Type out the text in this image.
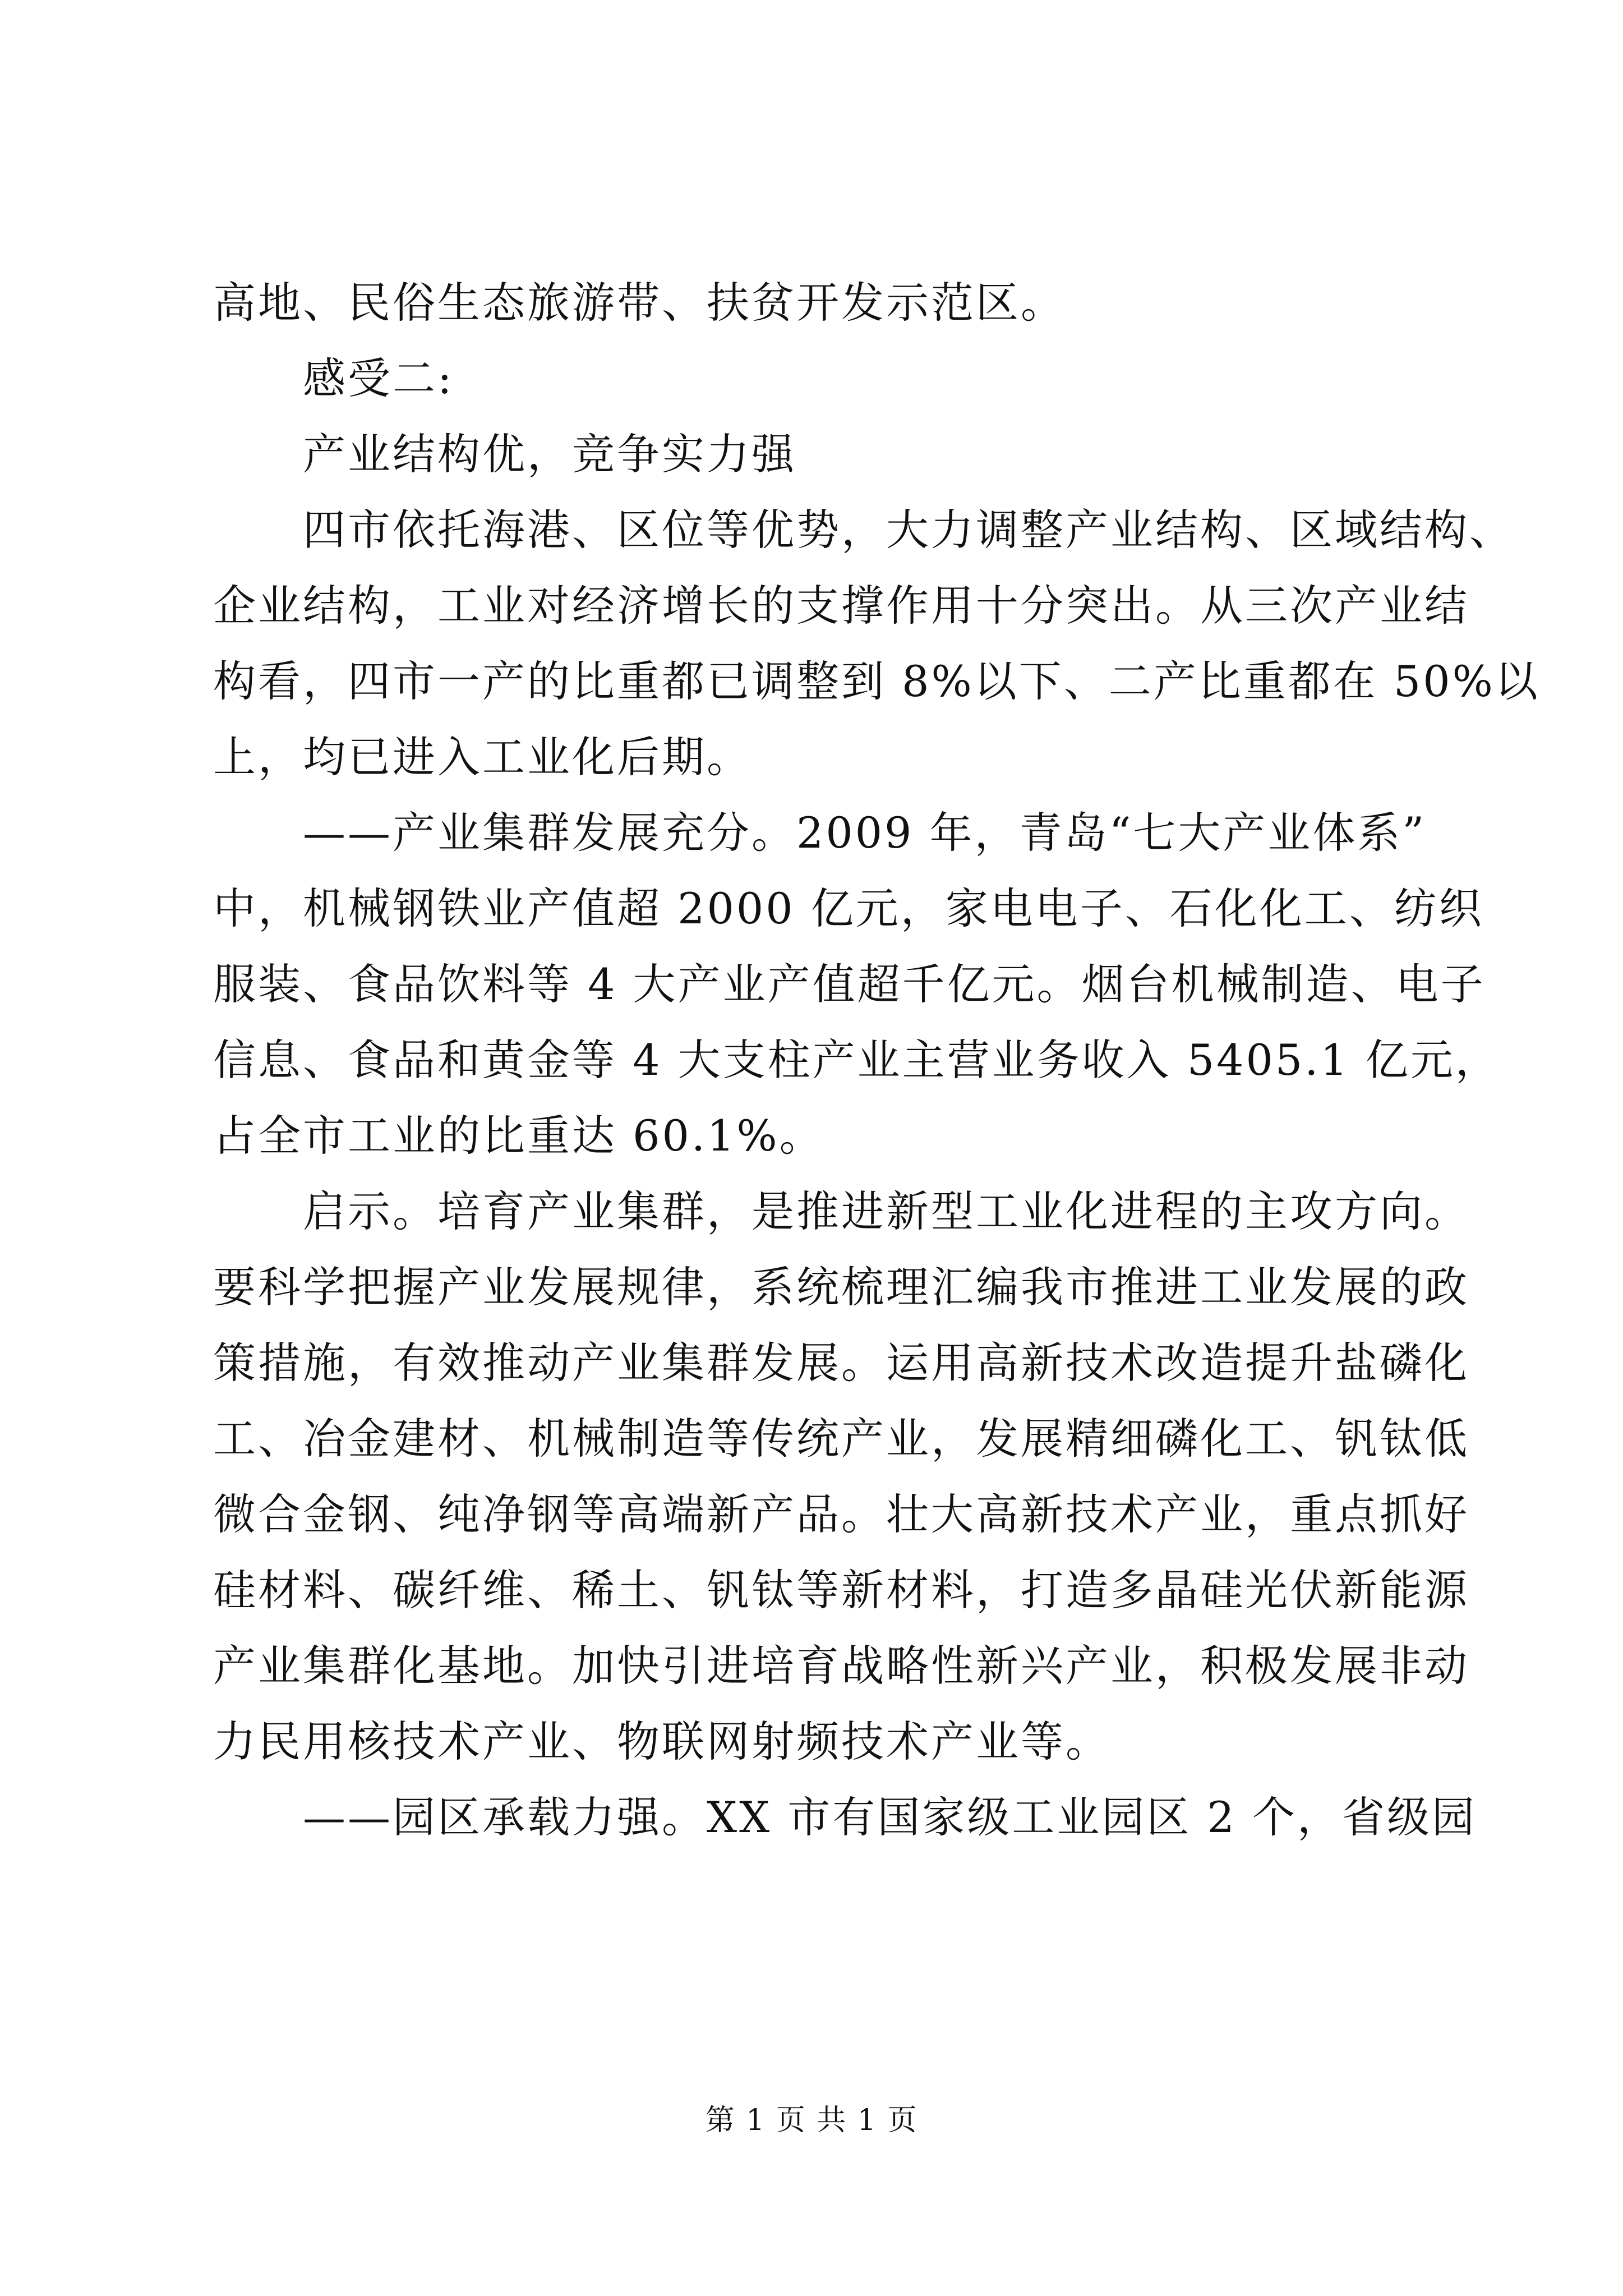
高地、民俗生态旅游带、扶贫开发示范区。
感受二:
产业结构优，竞争实力强
四市依托海港、区位等优势，大力调整产业结构、区域结构、
企业结构，工业对经济增长的支撑作用十分突出。从三次产业结
构看，四市一产的比重都已调整到 8%以下、二产比重都在 50%以
上，均已进入工业化后期。
——产业集群发展充分。2009 年，青岛“七大产业体系”
中，机械钢铁业产值超 2000 亿元，家电电子、石化化工、纺织
服装、食品饮料等 4 大产业产值超千亿元。烟台机械制造、电子
信息、食品和黄金等 4 大支柱产业主营业务收入 5405.1 亿元，
占全市工业的比重达 60.1%。
启示。培育产业集群，是推进新型工业化进程的主攻方向。
要科学把握产业发展规律，系统梳理汇编我市推进工业发展的政
策措施，有效推动产业集群发展。运用高新技术改造提升盐磷化
工、冶金建材、机械制造等传统产业，发展精细磷化工、钒钛低
微合金钢、纯净钢等高端新产品。壮大高新技术产业，重点抓好
硅材料、碳纤维、稀土、钒钛等新材料，打造多晶硅光伏新能源
产业集群化基地。加快引进培育战略性新兴产业，积极发展非动
力民用核技术产业、物联网射频技术产业等。
——园区承载力强。XX 市有国家级工业园区 2 个，省级园
第 1 页 共 1 页
